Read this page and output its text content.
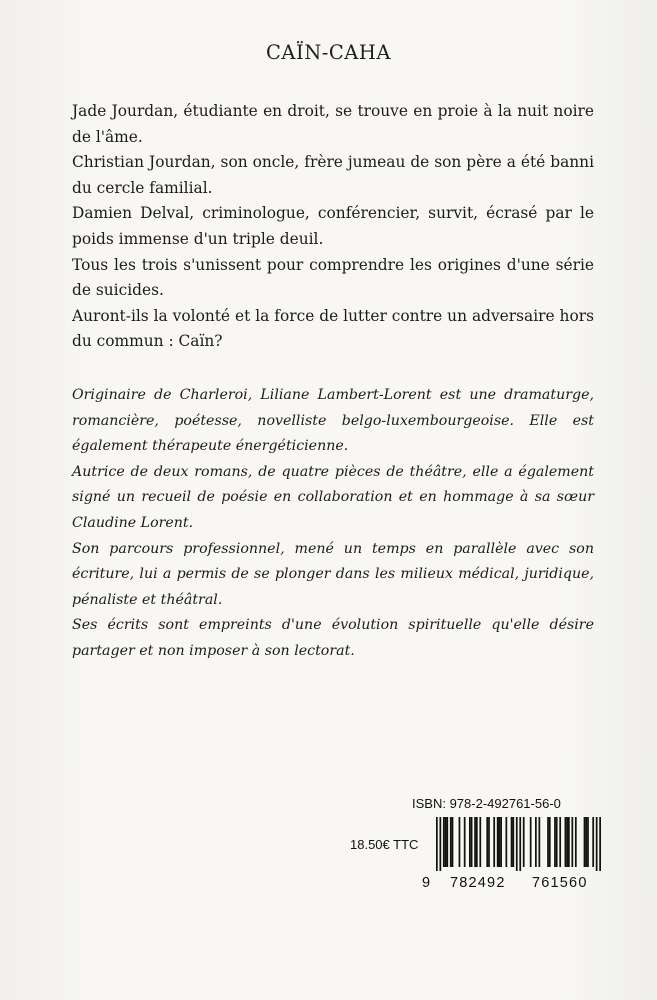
CAÏN-CAHA

Jade Jourdan, étudiante en droit, se trouve en proie à la nuit noire de l'âme.

Christian Jourdan, son oncle, frère jumeau de son père a été banni du cercle familial.

Damien Delval, criminologue, conférencier, survit, écrasé par le poids immense d'un triple deuil.

Tous les trois s'unissent pour comprendre les origines d'une série de suicides.

Auront-ils la volonté et la force de lutter contre un adversaire hors du commun : Caïn?

Originaire de Charleroi, Liliane Lambert-Lorent est une dramaturge, romancière, poétesse, novelliste belgo-luxembourgeoise. Elle est également thérapeute énergéticienne.

Autrice de deux romans, de quatre pièces de théâtre, elle a également signé un recueil de poésie en collaboration et en hommage à sa sœur Claudine Lorent.

Son parcours professionnel, mené un temps en parallèle avec son écriture, lui a permis de se plonger dans les milieux médical, juridique, pénaliste et théâtral.

Ses écrits sont empreints d'une évolution spirituelle qu'elle désire partager et non imposer à son lectorat.

ISBN: 978-2-492761-56-0
18.50€ TTC
9 782492 761560
